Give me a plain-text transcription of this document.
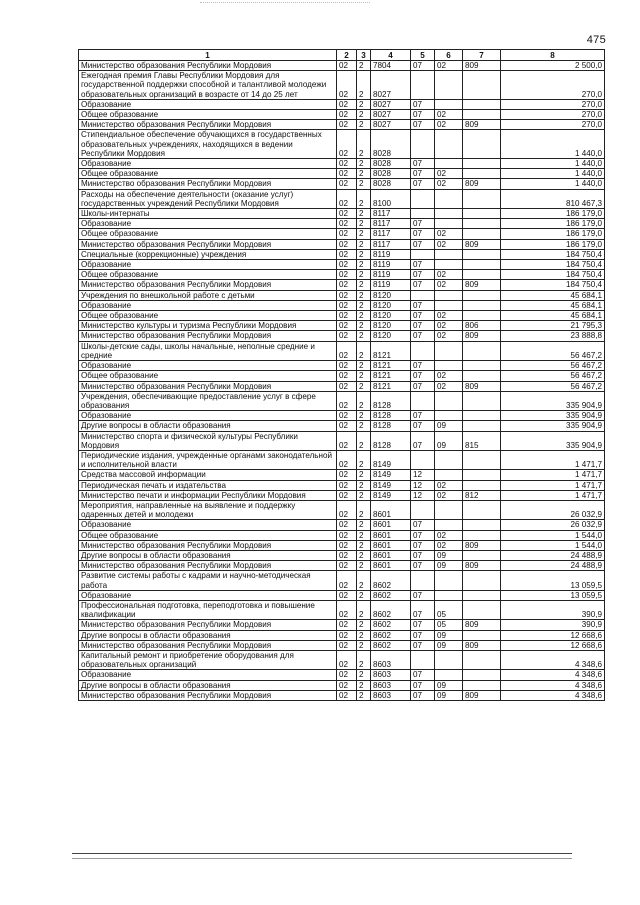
475
1	2	3	4	5	6	7	8
Министерство образования Республики Мордовия	02	2	7804	07	02	809	2 500,0
Ежегодная премия Главы Республики Мордовия для государственной поддержки способной и талантливой молодежи образовательных организаций в возрасте от 14 до 25 лет	02	2	8027				270,0
Образование	02	2	8027	07			270,0
Общее образование	02	2	8027	07	02		270,0
Министерство образования Республики Мордовия	02	2	8027	07	02	809	270,0
Стипендиальное обеспечение обучающихся в государственных образовательных учреждениях, находящихся в ведении Республики Мордовия	02	2	8028				1 440,0
Образование	02	2	8028	07			1 440,0
Общее образование	02	2	8028	07	02		1 440,0
Министерство образования Республики Мордовия	02	2	8028	07	02	809	1 440,0
Расходы на обеспечение деятельности (оказание услуг) государственных учреждений Республики Мордовия	02	2	8100				810 467,3
Школы-интернаты	02	2	8117				186 179,0
Образование	02	2	8117	07			186 179,0
Общее образование	02	2	8117	07	02		186 179,0
Министерство образования Республики Мордовия	02	2	8117	07	02	809	186 179,0
Специальные (коррекционные) учреждения	02	2	8119				184 750,4
Образование	02	2	8119	07			184 750,4
Общее образование	02	2	8119	07	02		184 750,4
Министерство образования Республики Мордовия	02	2	8119	07	02	809	184 750,4
Учреждения по внешкольной работе с детьми	02	2	8120				45 684,1
Образование	02	2	8120	07			45 684,1
Общее образование	02	2	8120	07	02		45 684,1
Министерство культуры и туризма Республики Мордовия	02	2	8120	07	02	806	21 795,3
Министерство образования Республики Мордовия	02	2	8120	07	02	809	23 888,8
Школы-детские сады, школы начальные, неполные средние и средние	02	2	8121				56 467,2
Образование	02	2	8121	07			56 467,2
Общее образование	02	2	8121	07	02		56 467,2
Министерство образования Республики Мордовия	02	2	8121	07	02	809	56 467,2
Учреждения, обеспечивающие предоставление услуг в сфере образования	02	2	8128				335 904,9
Образование	02	2	8128	07			335 904,9
Другие вопросы в области образования	02	2	8128	07	09		335 904,9
Министерство спорта и физической культуры Республики Мордовия	02	2	8128	07	09	815	335 904,9
Периодические издания, учрежденные органами законодательной и исполнительной власти	02	2	8149				1 471,7
Средства массовой информации	02	2	8149	12			1 471,7
Периодическая печать и издательства	02	2	8149	12	02		1 471,7
Министерство печати и информации Республики Мордовия	02	2	8149	12	02	812	1 471,7
Мероприятия, направленные на выявление и поддержку одаренных детей и молодежи	02	2	8601				26 032,9
Образование	02	2	8601	07			26 032,9
Общее образование	02	2	8601	07	02		1 544,0
Министерство образования Республики Мордовия	02	2	8601	07	02	809	1 544,0
Другие вопросы в области образования	02	2	8601	07	09		24 488,9
Министерство образования Республики Мордовия	02	2	8601	07	09	809	24 488,9
Развитие системы работы с кадрами и научно-методическая работа	02	2	8602				13 059,5
Образование	02	2	8602	07			13 059,5
Профессиональная подготовка, переподготовка и повышение квалификации	02	2	8602	07	05		390,9
Министерство образования Республики Мордовия	02	2	8602	07	05	809	390,9
Другие вопросы в области образования	02	2	8602	07	09		12 668,6
Министерство образования Республики Мордовия	02	2	8602	07	09	809	12 668,6
Капитальный ремонт и приобретение оборудования для образовательных организаций	02	2	8603				4 348,6
Образование	02	2	8603	07			4 348,6
Другие вопросы в области образования	02	2	8603	07	09		4 348,6
Министерство образования Республики Мордовия	02	2	8603	07	09	809	4 348,6
